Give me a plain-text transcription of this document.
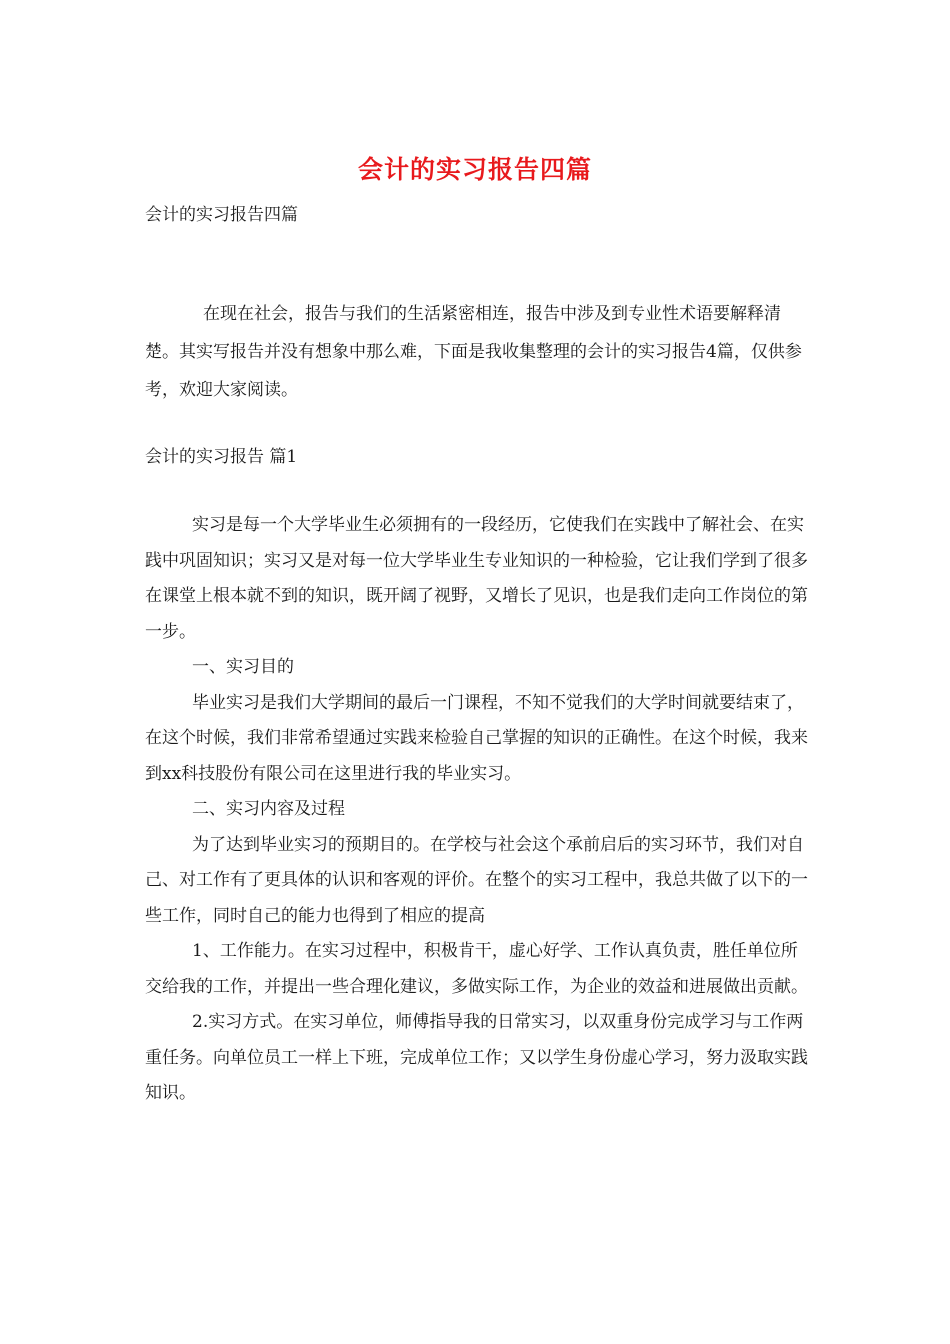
会计的实习报告四篇

会计的实习报告四篇

在现在社会，报告与我们的生活紧密相连，报告中涉及到专业性术语要解释清楚。其实写报告并没有想象中那么难，下面是我收集整理的会计的实习报告4篇，仅供参考，欢迎大家阅读。

会计的实习报告 篇1

实习是每一个大学毕业生必须拥有的一段经历，它使我们在实践中了解社会、在实践中巩固知识；实习又是对每一位大学毕业生专业知识的一种检验，它让我们学到了很多在课堂上根本就不到的知识，既开阔了视野，又增长了见识，也是我们走向工作岗位的第一步。

一、实习目的

毕业实习是我们大学期间的最后一门课程，不知不觉我们的大学时间就要结束了，在这个时候，我们非常希望通过实践来检验自己掌握的知识的正确性。在这个时候，我来到xx科技股份有限公司在这里进行我的毕业实习。

二、实习内容及过程

为了达到毕业实习的预期目的。在学校与社会这个承前启后的实习环节，我们对自己、对工作有了更具体的认识和客观的评价。在整个的实习工程中，我总共做了以下的一些工作，同时自己的能力也得到了相应的提高

1、工作能力。在实习过程中，积极肯干，虚心好学、工作认真负责，胜任单位所交给我的工作，并提出一些合理化建议，多做实际工作，为企业的效益和进展做出贡献。

2.实习方式。在实习单位，师傅指导我的日常实习，以双重身份完成学习与工作两重任务。向单位员工一样上下班，完成单位工作；又以学生身份虚心学习，努力汲取实践知识。
